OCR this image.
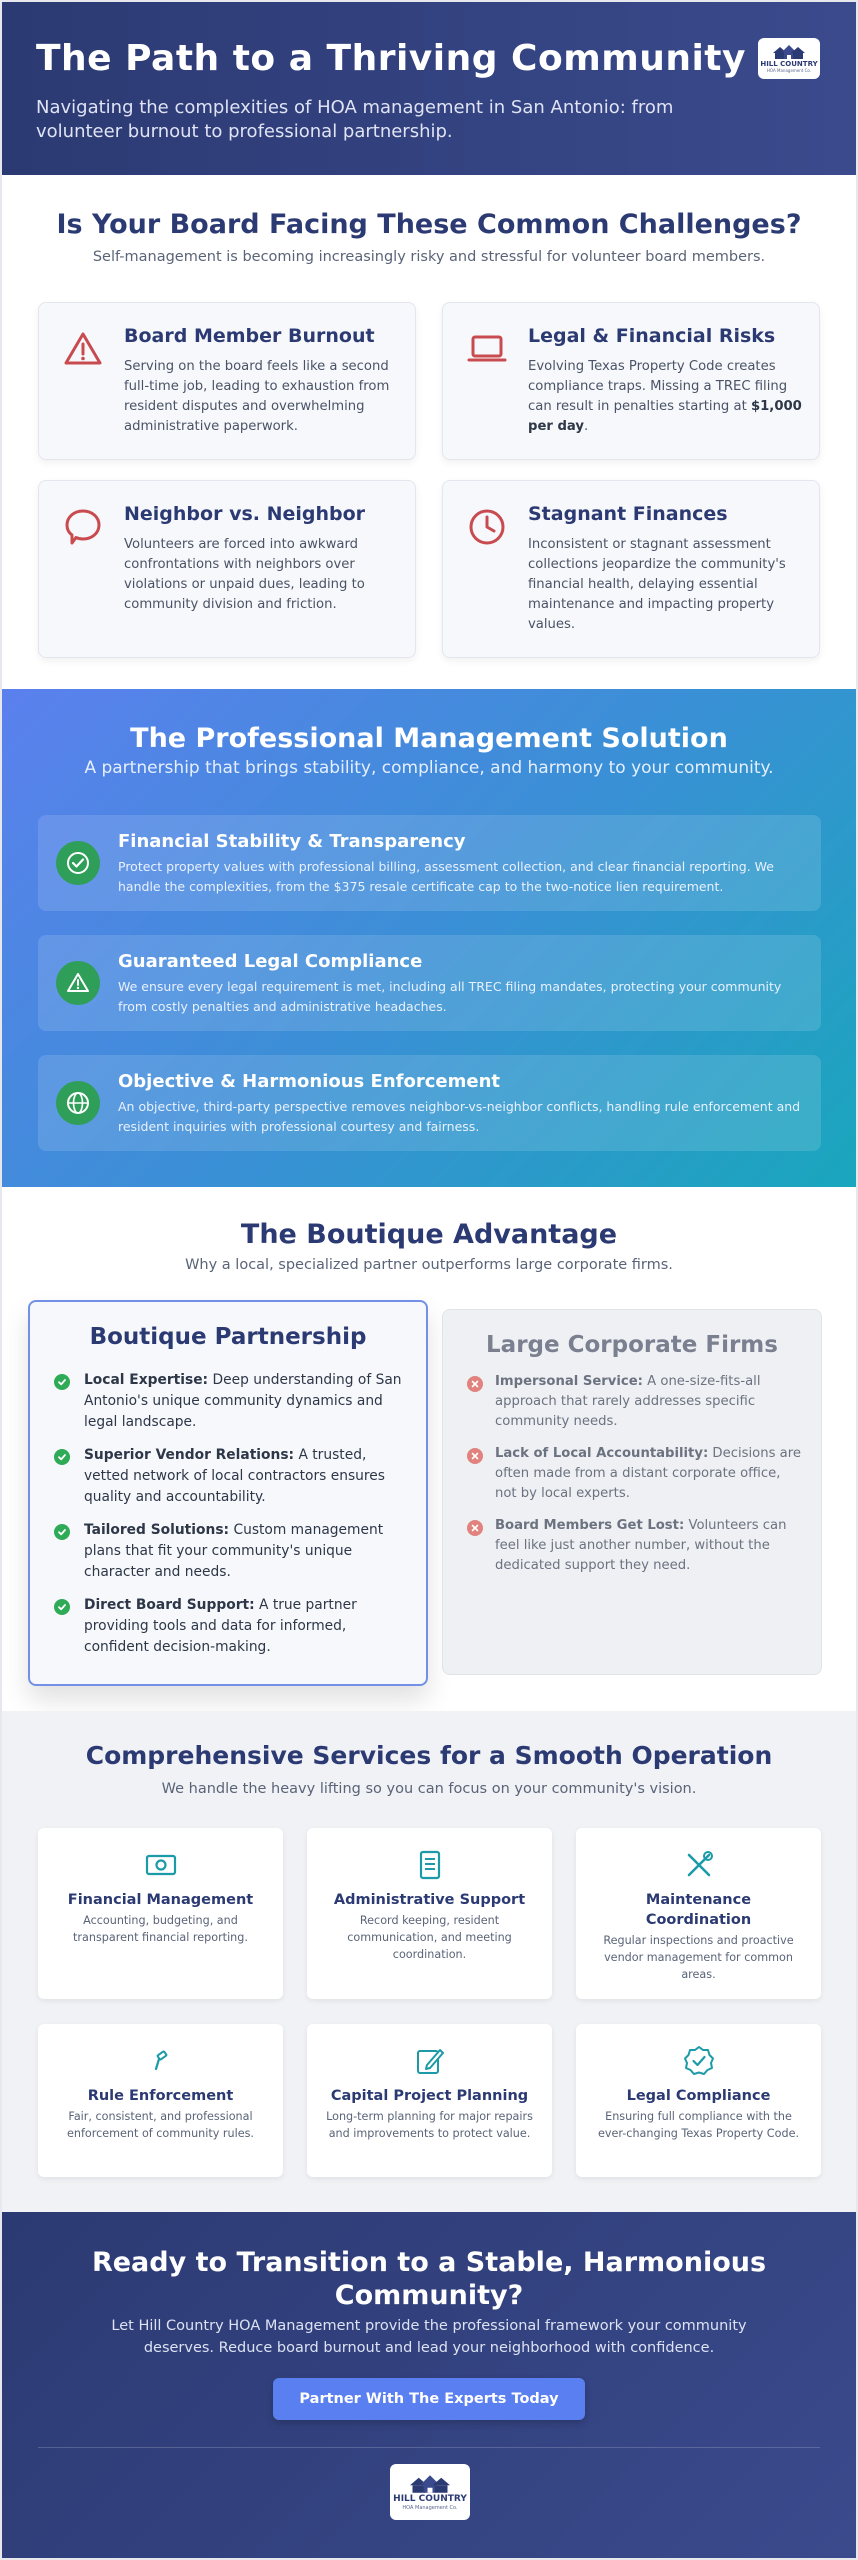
The Path to a Thriving Community

Navigating the complexities of HOA management in San Antonio: from volunteer burnout to professional partnership.

HILL COUNTRY
HOA Management Co.
Is Your Board Facing These Common Challenges?

Self-management is becoming increasingly risky and stressful for volunteer board members.

Board Member Burnout

Serving on the board feels like a second full-time job, leading to exhaustion from resident disputes and overwhelming administrative paperwork.

Legal & Financial Risks

Evolving Texas Property Code creates compliance traps. Missing a TREC filing can result in penalties starting at $1,000 per day.

Neighbor vs. Neighbor

Volunteers are forced into awkward confrontations with neighbors over violations or unpaid dues, leading to community division and friction.

Stagnant Finances

Inconsistent or stagnant assessment collections jeopardize the community's financial health, delaying essential maintenance and impacting property values.

The Professional Management Solution

A partnership that brings stability, compliance, and harmony to your community.

Financial Stability & Transparency

Protect property values with professional billing, assessment collection, and clear financial reporting. We handle the complexities, from the $375 resale certificate cap to the two-notice lien requirement.

Guaranteed Legal Compliance

We ensure every legal requirement is met, including all TREC filing mandates, protecting your community from costly penalties and administrative headaches.

Objective & Harmonious Enforcement

An objective, third-party perspective removes neighbor-vs-neighbor conflicts, handling rule enforcement and resident inquiries with professional courtesy and fairness.

The Boutique Advantage

Why a local, specialized partner outperforms large corporate firms.

Boutique Partnership

Local Expertise: Deep understanding of San Antonio's unique community dynamics and legal landscape.

Superior Vendor Relations: A trusted, vetted network of local contractors ensures quality and accountability.

Tailored Solutions: Custom management plans that fit your community's unique character and needs.

Direct Board Support: A true partner providing tools and data for informed, confident decision-making.

Large Corporate Firms

Impersonal Service: A one-size-fits-all approach that rarely addresses specific community needs.

Lack of Local Accountability: Decisions are often made from a distant corporate office, not by local experts.

Board Members Get Lost: Volunteers can feel like just another number, without the dedicated support they need.

Comprehensive Services for a Smooth Operation

We handle the heavy lifting so you can focus on your community's vision.

Financial Management

Accounting, budgeting, and transparent financial reporting.

Administrative Support

Record keeping, resident communication, and meeting coordination.

Maintenance Coordination

Regular inspections and proactive vendor management for common areas.

Rule Enforcement

Fair, consistent, and professional enforcement of community rules.

Capital Project Planning

Long-term planning for major repairs and improvements to protect value.

Legal Compliance

Ensuring full compliance with the ever-changing Texas Property Code.

Ready to Transition to a Stable, Harmonious Community?

Let Hill Country HOA Management provide the professional framework your community deserves. Reduce board burnout and lead your neighborhood with confidence.

Partner With The Experts Today
HILL COUNTRY
HOA Management Co.
